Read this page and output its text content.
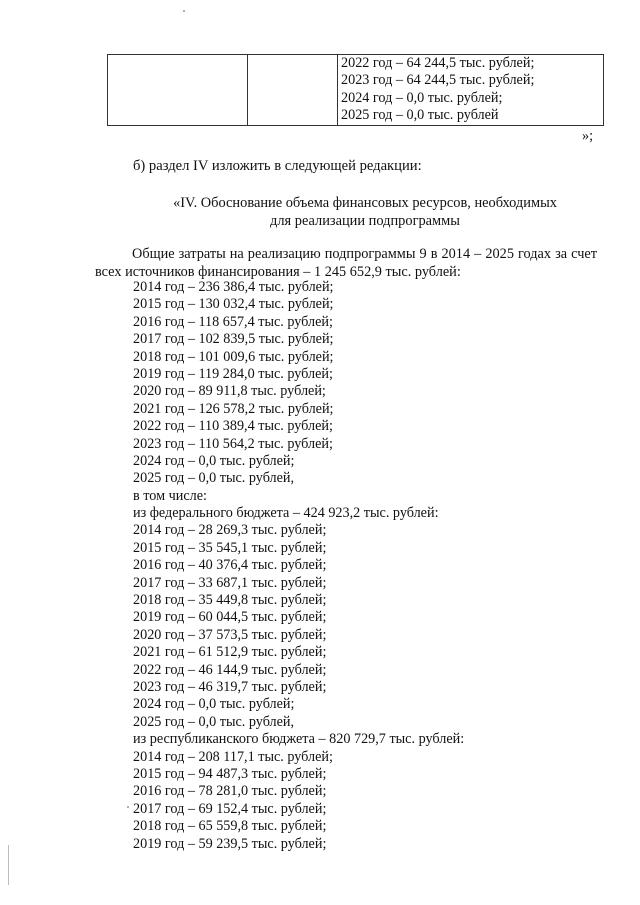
2022 год – 64 244,5 тыс. рублей;
2023 год – 64 244,5 тыс. рублей;
2024 год – 0,0 тыс. рублей;
2025 год – 0,0 тыс. рублей
»;
б) раздел IV изложить в следующей редакции:
«IV. Обоснование объема финансовых ресурсов, необходимых
для реализации подпрограммы
Общие затраты на реализацию подпрограммы 9 в 2014 – 2025 годах за счет всех источников финансирования – 1 245 652,9 тыс. рублей:
2014 год – 236 386,4 тыс. рублей;
2015 год – 130 032,4 тыс. рублей;
2016 год – 118 657,4 тыс. рублей;
2017 год – 102 839,5 тыс. рублей;
2018 год – 101 009,6 тыс. рублей;
2019 год – 119 284,0 тыс. рублей;
2020 год – 89 911,8 тыс. рублей;
2021 год – 126 578,2 тыс. рублей;
2022 год – 110 389,4 тыс. рублей;
2023 год – 110 564,2 тыс. рублей;
2024 год – 0,0 тыс. рублей;
2025 год – 0,0 тыс. рублей,
в том числе:
из федерального бюджета – 424 923,2 тыс. рублей:
2014 год – 28 269,3 тыс. рублей;
2015 год – 35 545,1 тыс. рублей;
2016 год – 40 376,4 тыс. рублей;
2017 год – 33 687,1 тыс. рублей;
2018 год – 35 449,8 тыс. рублей;
2019 год – 60 044,5 тыс. рублей;
2020 год – 37 573,5 тыс. рублей;
2021 год – 61 512,9 тыс. рублей;
2022 год – 46 144,9 тыс. рублей;
2023 год – 46 319,7 тыс. рублей;
2024 год – 0,0 тыс. рублей;
2025 год – 0,0 тыс. рублей,
из республиканского бюджета – 820 729,7 тыс. рублей:
2014 год – 208 117,1 тыс. рублей;
2015 год – 94 487,3 тыс. рублей;
2016 год – 78 281,0 тыс. рублей;
2017 год – 69 152,4 тыс. рублей;
2018 год – 65 559,8 тыс. рублей;
2019 год – 59 239,5 тыс. рублей;
